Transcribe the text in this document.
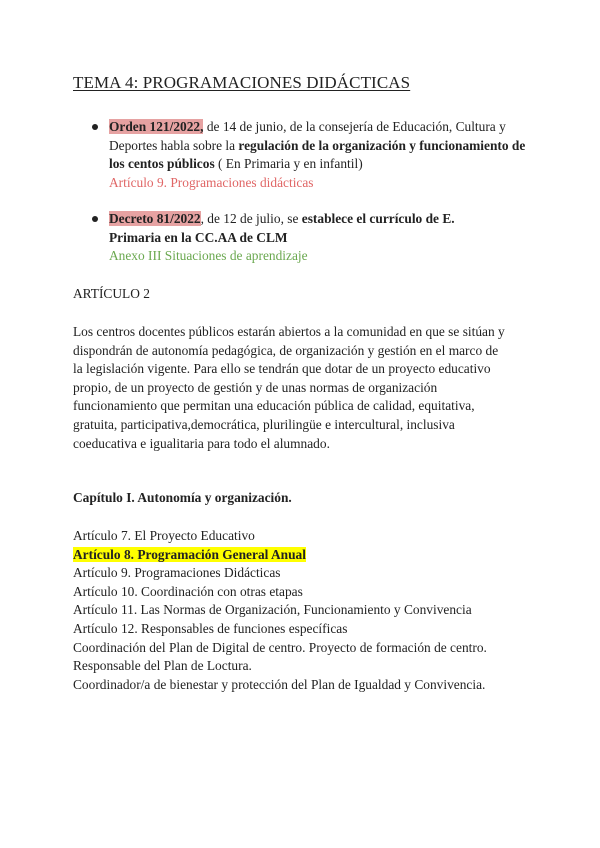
TEMA 4: PROGRAMACIONES DIDÁCTICAS
Orden 121/2022, de 14 de junio, de la consejería de Educación, Cultura y Deportes habla sobre la regulación de la organización y funcionamiento de los centos públicos ( En Primaria y en infantil)
Artículo 9. Programaciones didácticas
Decreto 81/2022, de 12 de julio, se establece el currículo de E. Primaria en la CC.AA de CLM
Anexo III Situaciones de aprendizaje
ARTÍCULO 2
Los centros docentes públicos estarán abiertos a la comunidad en que se sitúan y
dispondrán de autonomía pedagógica, de organización y gestión en el marco de
la legislación vigente. Para ello se tendrán que dotar de un proyecto educativo
propio, de un proyecto de gestión y de unas normas de organización
funcionamiento que permitan una educación pública de calidad, equitativa,
gratuita, participativa,democrática, plurilingüe e intercultural, inclusiva
coeducativa e igualitaria para todo el alumnado.
Capítulo I. Autonomía y organización.
Artículo 7. El Proyecto Educativo
Artículo 8. Programación General Anual
Artículo 9. Programaciones Didácticas
Artículo 10. Coordinación con otras etapas
Artículo 11. Las Normas de Organización, Funcionamiento y Convivencia
Artículo 12. Responsables de funciones específicas
Coordinación del Plan de Digital de centro. Proyecto de formación de centro.
Responsable del Plan de Loctura.
Coordinador/a de bienestar y protección del Plan de Igualdad y Convivencia.
